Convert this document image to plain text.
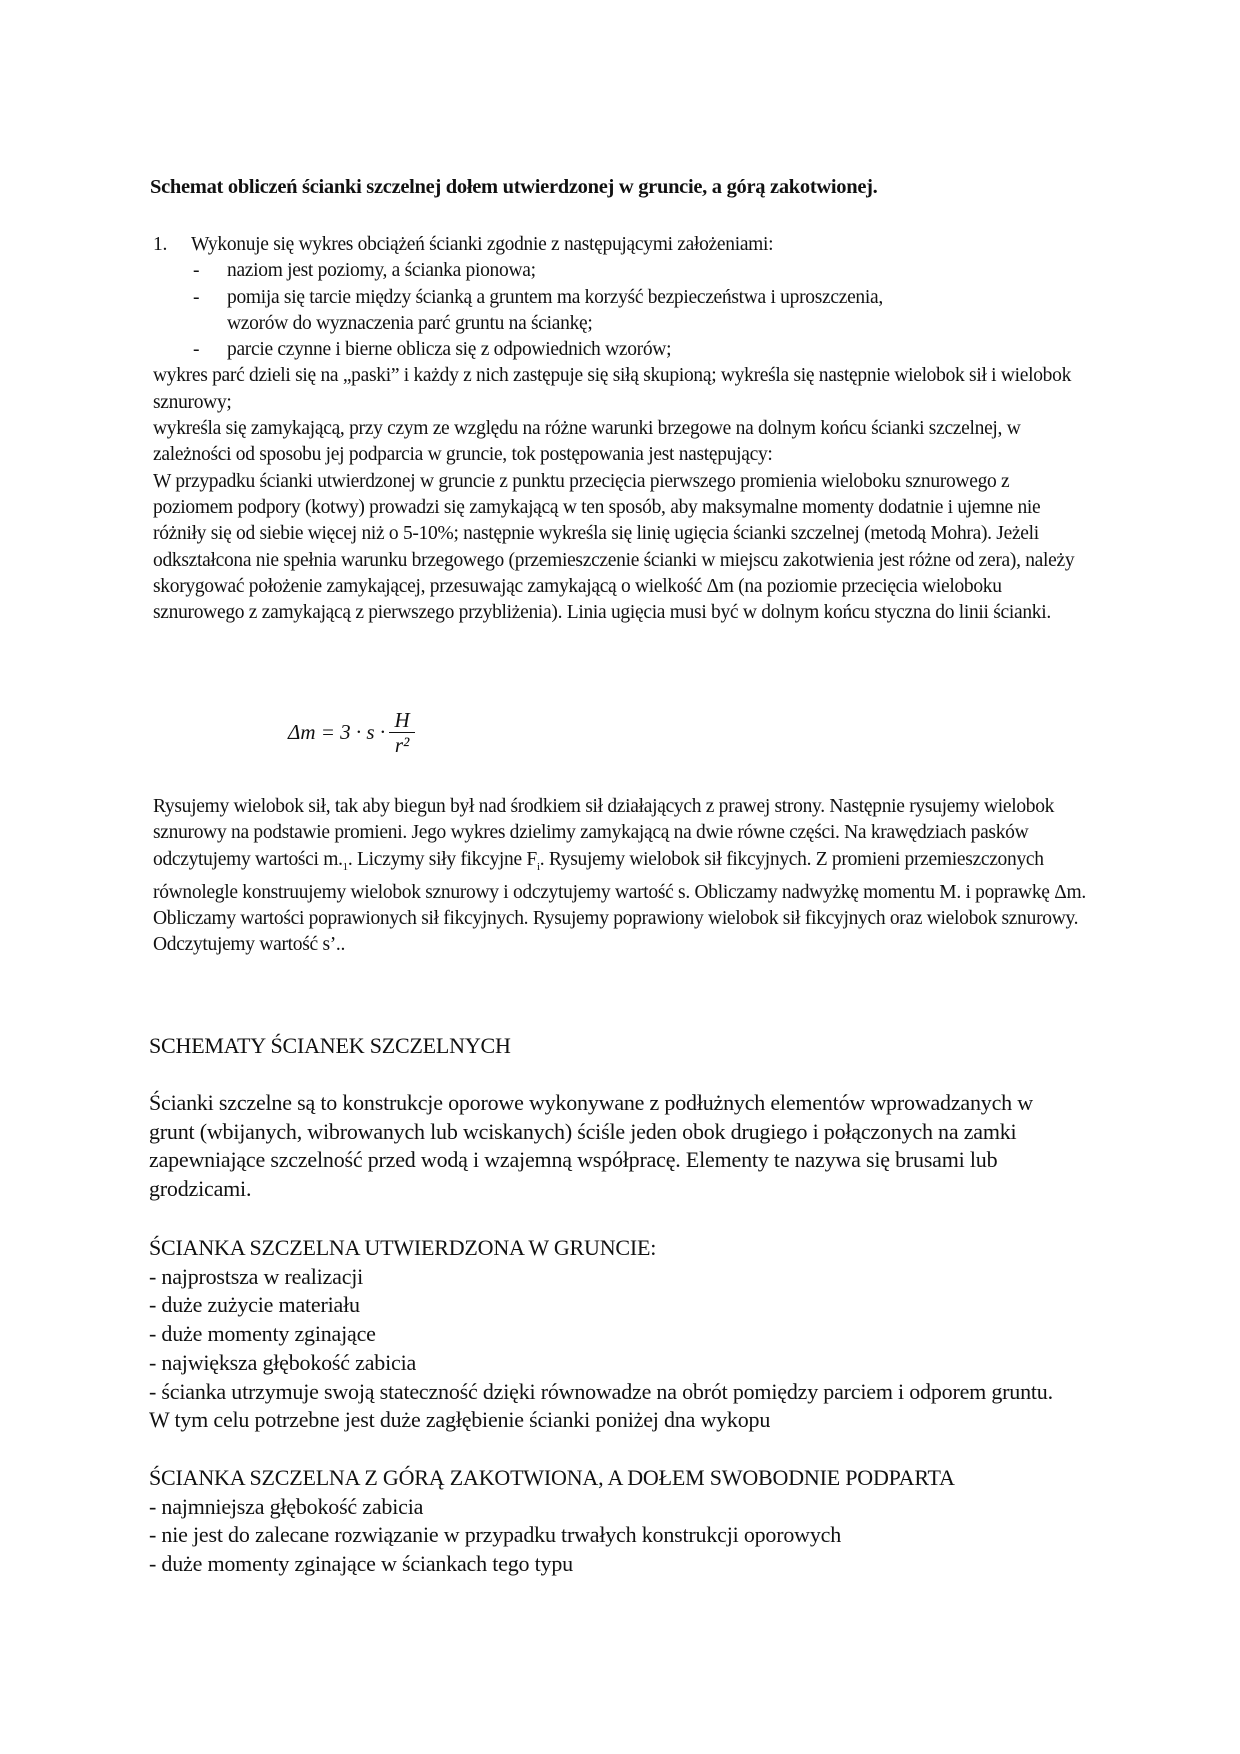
Schemat obliczeń ścianki szczelnej dołem utwierdzonej w gruncie, a górą zakotwionej.
1.	Wykonuje się wykres obciążeń ścianki zgodnie z następującymi założeniami:
-	naziom jest poziomy, a ścianka pionowa;
-	pomija się tarcie między ścianką a gruntem ma korzyść bezpieczeństwa i uproszczenia,
wzorów do wyznaczenia parć gruntu na ściankę;
-	parcie czynne i bierne oblicza się z odpowiednich wzorów;

wykres parć dzieli się na „paski” i każdy z nich zastępuje się siłą skupioną; wykreśla się następnie wielobok sił i wielobok sznurowy;

wykreśla się zamykającą, przy czym ze względu na różne warunki brzegowe na dolnym końcu ścianki szczelnej, w zależności od sposobu jej podparcia w gruncie, tok postępowania jest następujący:

W przypadku ścianki utwierdzonej w gruncie z punktu przecięcia pierwszego promienia wieloboku sznurowego z poziomem podpory (kotwy) prowadzi się zamykającą w ten sposób, aby maksymalne momenty dodatnie i ujemne nie różniły się od siebie więcej niż o 5-10%; następnie wykreśla się linię ugięcia ścianki szczelnej (metodą Mohra). Jeżeli odkształcona nie spełnia warunku brzegowego (przemieszczenie ścianki w miejscu zakotwienia jest różne od zera), należy skorygować położenie zamykającej, przesuwając zamykającą o wielkość Δm (na poziomie przecięcia wieloboku sznurowego z zamykającą z pierwszego przybliżenia). Linia ugięcia musi być w dolnym końcu styczna do linii ścianki.

$\Delta m = 3 \cdot s \cdot \frac{H}{\text{r²}}$
Rysujemy wielobok sił, tak aby biegun był nad środkiem sił działających z prawej strony. Następnie rysujemy wielobok sznurowy na podstawie promieni. Jego wykres dzielimy zamykającą na dwie równe części. Na krawędziach pasków odczytujemy wartości $m._1$. Liczymy siły fikcyjne $F_i$. Rysujemy wielobok sił fikcyjnych. Z promieni przemieszczonych równolegle konstruujemy wielobok sznurowy i odczytujemy wartość s. Obliczamy nadwyżkę momentu M. i poprawkę Δm. Obliczamy wartości poprawionych sił fikcyjnych. Rysujemy poprawiony wielobok sił fikcyjnych oraz wielobok sznurowy. Odczytujemy wartość s’..
SCHEMATY ŚCIANEK SZCZELNYCH
Ścianki szczelne są to konstrukcje oporowe wykonywane z podłużnych elementów wprowadzanych w grunt (wbijanych, wibrowanych lub wciskanych) ściśle jeden obok drugiego i połączonych na zamki zapewniające szczelność przed wodą i wzajemną współpracę. Elementy te nazywa się brusami lub grodzicami.
ŚCIANKA SZCZELNA UTWIERDZONA W GRUNCIE:
- najprostsza w realizacji
- duże zużycie materiału
- duże momenty zginające
- największa głębokość zabicia
- ścianka utrzymuje swoją stateczność dzięki równowadze na obrót pomiędzy parciem i odporem gruntu. W tym celu potrzebne jest duże zagłębienie ścianki poniżej dna wykopu
ŚCIANKA SZCZELNA Z GÓRĄ ZAKOTWIONA, A DOŁEM SWOBODNIE PODPARTA
- najmniejsza głębokość zabicia
- nie jest do zalecane rozwiązanie w przypadku trwałych konstrukcji oporowych
- duże momenty zginające w ściankach tego typu
